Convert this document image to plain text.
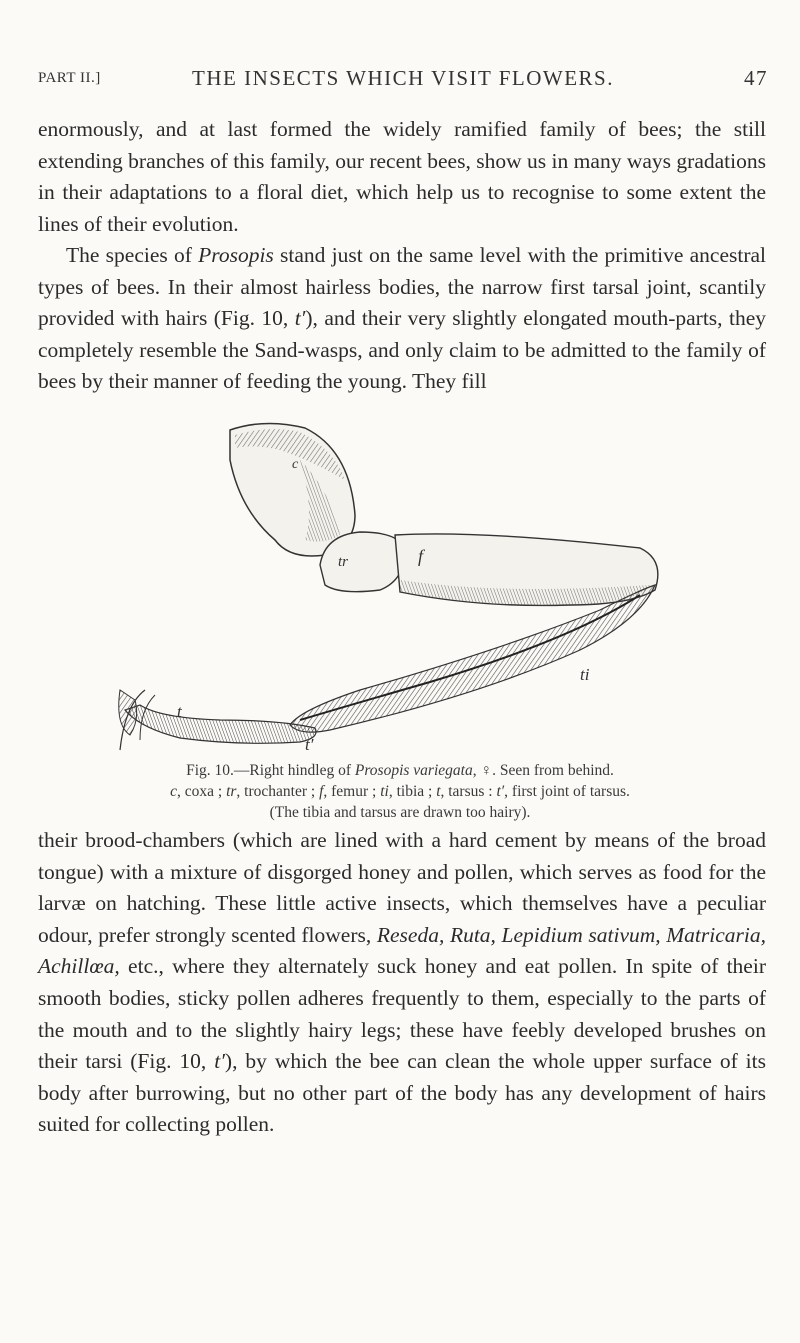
PART II.]	THE INSECTS WHICH VISIT FLOWERS.	47

enormously, and at last formed the widely ramified family of bees; the still extending branches of this family, our recent bees, show us in many ways gradations in their adaptations to a floral diet, which help us to recognise to some extent the lines of their evolution.

The species of Prosopis stand just on the same level with the primitive ancestral types of bees. In their almost hairless bodies, the narrow first tarsal joint, scantily provided with hairs (Fig. 10, t′), and their very slightly elongated mouth-parts, they completely resemble the Sand-wasps, and only claim to be admitted to the family of bees by their manner of feeding the young. They fill

c
tr	f
ti
t
t′
Fig. 10.—Right hindleg of Prosopis variegata, ♀. Seen from behind.
c, coxa ; tr, trochanter ; f, femur ; ti, tibia ; t, tarsus : t′, first joint of tarsus.
(The tibia and tarsus are drawn too hairy).

their brood-chambers (which are lined with a hard cement by means of the broad tongue) with a mixture of disgorged honey and pollen, which serves as food for the larvæ on hatching. These little active insects, which themselves have a peculiar odour, prefer strongly scented flowers, Reseda, Ruta, Lepidium sativum, Matricaria, Achillœa, etc., where they alternately suck honey and eat pollen. In spite of their smooth bodies, sticky pollen adheres frequently to them, especially to the parts of the mouth and to the slightly hairy legs; these have feebly developed brushes on their tarsi (Fig. 10, t′), by which the bee can clean the whole upper surface of its body after burrowing, but no other part of the body has any development of hairs suited for collecting pollen.
